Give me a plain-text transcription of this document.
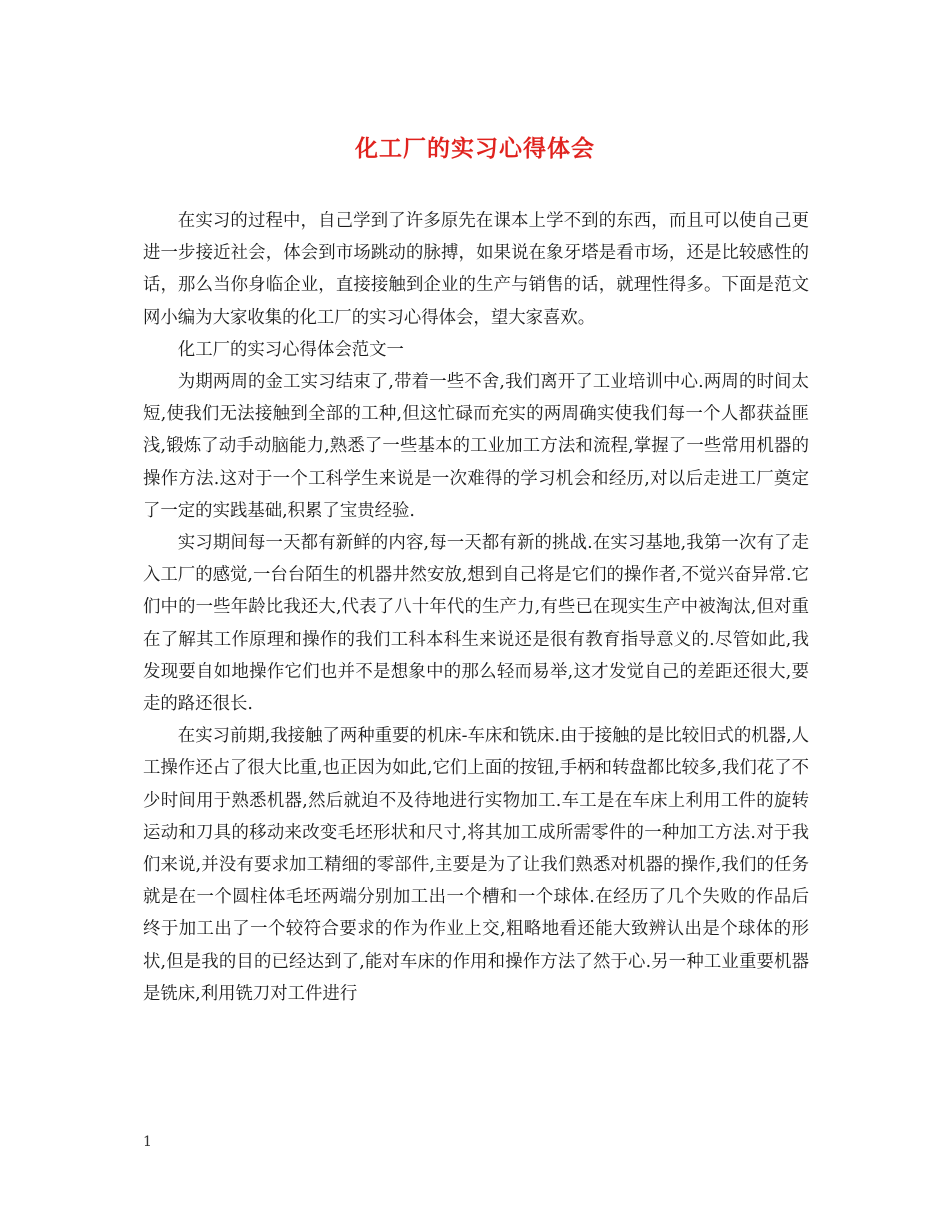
化工厂的实习心得体会

在实习的过程中，自己学到了许多原先在课本上学不到的东西，而且可以使自己更进一步接近社会，体会到市场跳动的脉搏，如果说在象牙塔是看市场，还是比较感性的话，那么当你身临企业，直接接触到企业的生产与销售的话，就理性得多。下面是范文网小编为大家收集的化工厂的实习心得体会，望大家喜欢。

化工厂的实习心得体会范文一

为期两周的金工实习结束了,带着一些不舍,我们离开了工业培训中心.两周的时间太短,使我们无法接触到全部的工种,但这忙碌而充实的两周确实使我们每一个人都获益匪浅,锻炼了动手动脑能力,熟悉了一些基本的工业加工方法和流程,掌握了一些常用机器的操作方法.这对于一个工科学生来说是一次难得的学习机会和经历,对以后走进工厂奠定了一定的实践基础,积累了宝贵经验.

实习期间每一天都有新鲜的内容,每一天都有新的挑战.在实习基地,我第一次有了走入工厂的感觉,一台台陌生的机器井然安放,想到自己将是它们的操作者,不觉兴奋异常.它们中的一些年龄比我还大,代表了八十年代的生产力,有些已在现实生产中被淘汰,但对重在了解其工作原理和操作的我们工科本科生来说还是很有教育指导意义的.尽管如此,我发现要自如地操作它们也并不是想象中的那么轻而易举,这才发觉自己的差距还很大,要走的路还很长.

在实习前期,我接触了两种重要的机床-车床和铣床.由于接触的是比较旧式的机器,人工操作还占了很大比重,也正因为如此,它们上面的按钮,手柄和转盘都比较多,我们花了不少时间用于熟悉机器,然后就迫不及待地进行实物加工.车工是在车床上利用工件的旋转运动和刀具的移动来改变毛坯形状和尺寸,将其加工成所需零件的一种加工方法.对于我们来说,并没有要求加工精细的零部件,主要是为了让我们熟悉对机器的操作,我们的任务就是在一个圆柱体毛坯两端分别加工出一个槽和一个球体.在经历了几个失败的作品后终于加工出了一个较符合要求的作为作业上交,粗略地看还能大致辨认出是个球体的形状,但是我的目的已经达到了,能对车床的作用和操作方法了然于心.另一种工业重要机器是铣床,利用铣刀对工件进行

1
